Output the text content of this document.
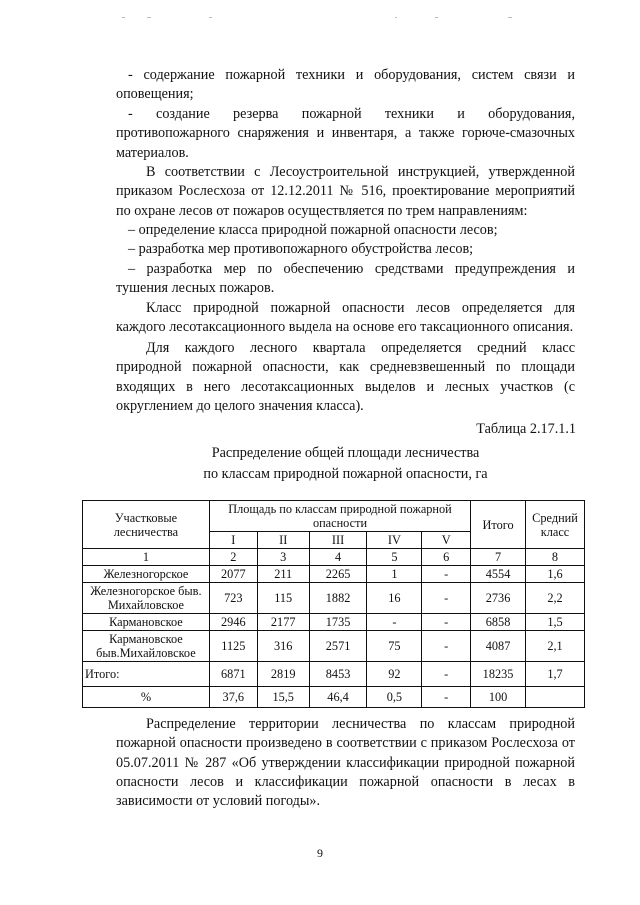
- содержание пожарной техники и оборудования, систем связи и

оповещения;

- создание резерва пожарной техники и оборудования,

противопожарного снаряжения и инвентаря, а также горюче-смазочных

материалов.

В соответствии с Лесоустроительной инструкцией, утвержденной

приказом Рослесхоза от 12.12.2011 № 516, проектирование мероприятий

по охране лесов от пожаров осуществляется по трем направлениям:

– определение класса природной пожарной опасности лесов;

– разработка мер противопожарного обустройства лесов;

– разработка мер по обеспечению средствами предупреждения и

тушения лесных пожаров.

Класс природной пожарной опасности лесов определяется для

каждого лесотаксационного выдела на основе его таксационного описания.

Для каждого лесного квартала определяется средний класс

природной пожарной опасности, как средневзвешенный по площади

входящих в него лесотаксационных выделов и лесных участков (с

округлением до целого значения класса).

Таблица 2.17.1.1
Распределение общей площади лесничества
по классам природной пожарной опасности, га
Участковые лесничества	Площадь по классам природной пожарной опасности					Итого	Средний класс
	I	II	III	IV	V		
1	2	3	4	5	6	7	8
Железногорское	2077	211	2265	1	-	4554	1,6
Железногорское быв. Михайловское	723	115	1882	16	-	2736	2,2
Кармановское	2946	2177	1735	-	-	6858	1,5
Кармановское быв.Михайловское	1125	316	2571	75	-	4087	2,1
Итого:	6871	2819	8453	92	-	18235	1,7
%	37,6	15,5	46,4	0,5	-	100	

Распределение территории лесничества по классам природной

пожарной опасности произведено в соответствии с приказом Рослесхоза от

05.07.2011 № 287 «Об утверждении классификации природной пожарной

опасности лесов и классификации пожарной опасности в лесах в

зависимости от условий погоды».

9
